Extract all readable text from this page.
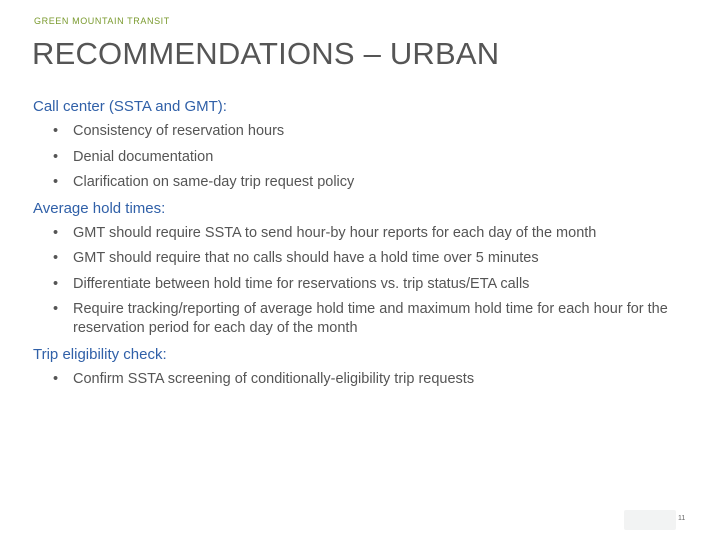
GREEN MOUNTAIN TRANSIT
RECOMMENDATIONS – URBAN
Call center (SSTA and GMT):
• Consistency of reservation hours
• Denial documentation
• Clarification on same-day trip request policy
Average hold times:
• GMT should require SSTA to send hour-by hour reports for each day of the month
• GMT should require that no calls should have a hold time over 5 minutes
• Differentiate between hold time for reservations vs. trip status/ETA calls
• Require tracking/reporting of average hold time and maximum hold time for each hour for the reservation period for each day of the month
Trip eligibility check:
• Confirm SSTA screening of conditionally-eligibility trip requests
11
